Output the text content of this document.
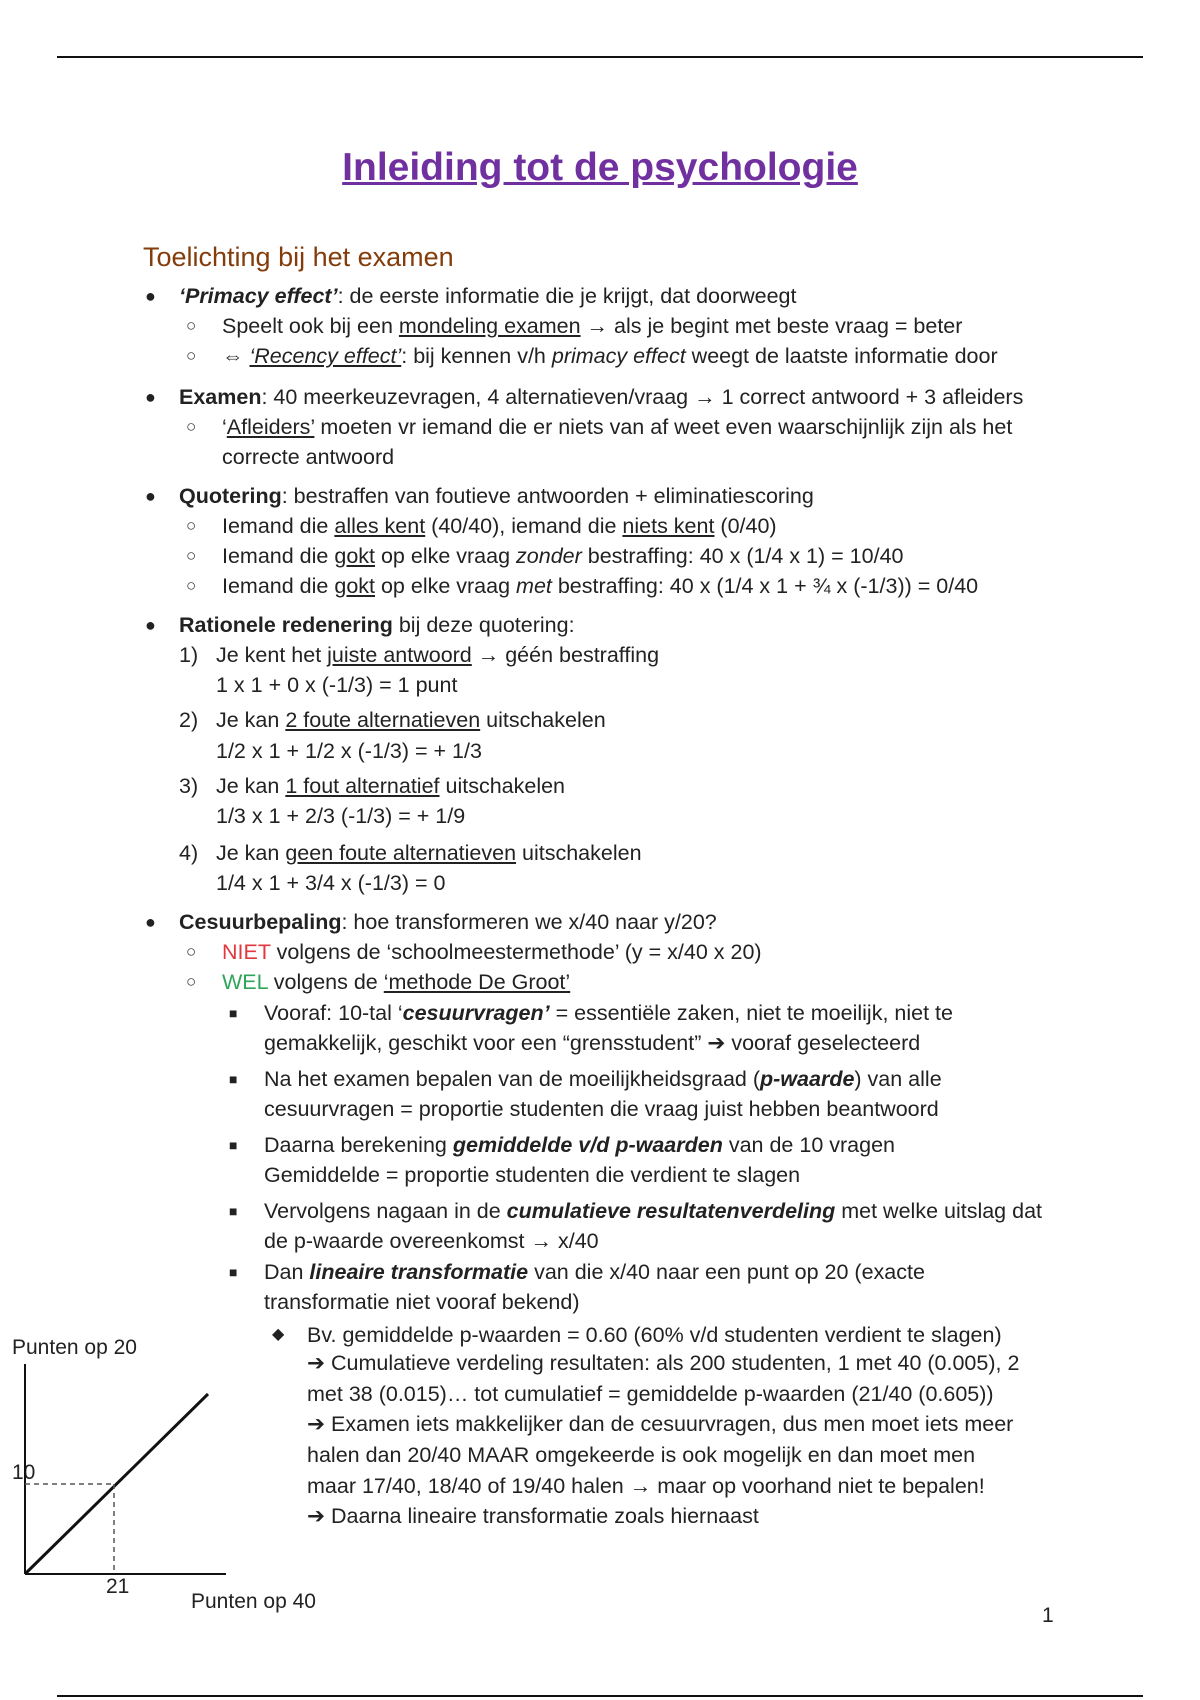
Inleiding tot de psychologie
Toelichting bij het examen
● ‘Primacy effect’: de eerste informatie die je krijgt, dat doorweegt
○ Speelt ook bij een mondeling examen → als je begint met beste vraag = beter
○ ⇔ ‘Recency effect’: bij kennen v/h primacy effect weegt de laatste informatie door
● Examen: 40 meerkeuzevragen, 4 alternatieven/vraag → 1 correct antwoord + 3 afleiders
○ ‘Afleiders’ moeten vr iemand die er niets van af weet even waarschijnlijk zijn als het
correcte antwoord
● Quotering: bestraffen van foutieve antwoorden + eliminatiescoring
○ Iemand die alles kent (40/40), iemand die niets kent (0/40)
○ Iemand die gokt op elke vraag zonder bestraffing: 40 x (1/4 x 1) = 10/40
○ Iemand die gokt op elke vraag met bestraffing: 40 x (1/4 x 1 + ¾ x (-1/3)) = 0/40
● Rationele redenering bij deze quotering:
1) Je kent het juiste antwoord → géén bestraffing
1 x 1 + 0 x (-1/3) = 1 punt
2) Je kan 2 foute alternatieven uitschakelen
1/2 x 1 + 1/2 x (-1/3) = + 1/3
3) Je kan 1 fout alternatief uitschakelen
1/3 x 1 + 2/3 (-1/3) = + 1/9
4) Je kan geen foute alternatieven uitschakelen
1/4 x 1 + 3/4 x (-1/3) = 0
● Cesuurbepaling: hoe transformeren we x/40 naar y/20?
○ NIET volgens de ‘schoolmeestermethode’ (y = x/40 x 20)
○ WEL volgens de ‘methode De Groot’
■ Vooraf: 10-tal ‘cesuurvragen’ = essentiële zaken, niet te moeilijk, niet te
gemakkelijk, geschikt voor een “grensstudent” ➔ vooraf geselecteerd
■ Na het examen bepalen van de moeilijkheidsgraad (p-waarde) van alle
cesuurvragen = proportie studenten die vraag juist hebben beantwoord
■ Daarna berekening gemiddelde v/d p-waarden van de 10 vragen
Gemiddelde = proportie studenten die verdient te slagen
■ Vervolgens nagaan in de cumulatieve resultatenverdeling met welke uitslag dat
de p-waarde overeenkomst → x/40
■ Dan lineaire transformatie van die x/40 naar een punt op 20 (exacte
transformatie niet vooraf bekend)
◆ Bv. gemiddelde p-waarden = 0.60 (60% v/d studenten verdient te slagen)
➔ Cumulatieve verdeling resultaten: als 200 studenten, 1 met 40 (0.005), 2
met 38 (0.015)… tot cumulatief = gemiddelde p-waarden (21/40 (0.605))
➔ Examen iets makkelijker dan de cesuurvragen, dus men moet iets meer
halen dan 20/40 MAAR omgekeerde is ook mogelijk en dan moet men
maar 17/40, 18/40 of 19/40 halen → maar op voorhand niet te bepalen!
➔ Daarna lineaire transformatie zoals hiernaast
Punten op 20
10
21
Punten op 40
1
